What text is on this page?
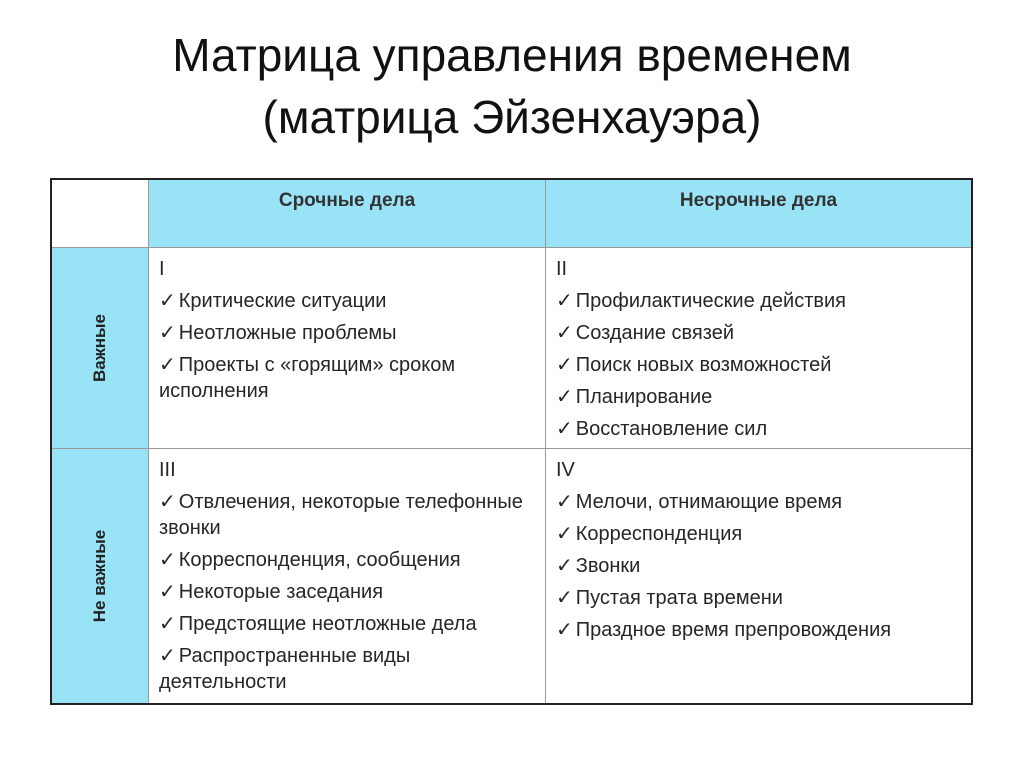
Матрица управления временем
(матрица Эйзенхауэра)
Срочные дела	Несрочные дела
Важные
Не важные
I
✓ Критические ситуации
✓ Неотложные проблемы
✓ Проекты с «горящим» сроком исполнения
II
✓ Профилактические действия
✓ Создание связей
✓ Поиск новых возможностей
✓ Планирование
✓ Восстановление сил
III
✓ Отвлечения, некоторые телефонные звонки
✓ Корреспонденция, сообщения
✓ Некоторые заседания
✓ Предстоящие неотложные дела
✓ Распространенные виды деятельности
IV
✓ Мелочи, отнимающие время
✓ Корреспонденция
✓ Звонки
✓ Пустая трата времени
✓ Праздное время препровождения
